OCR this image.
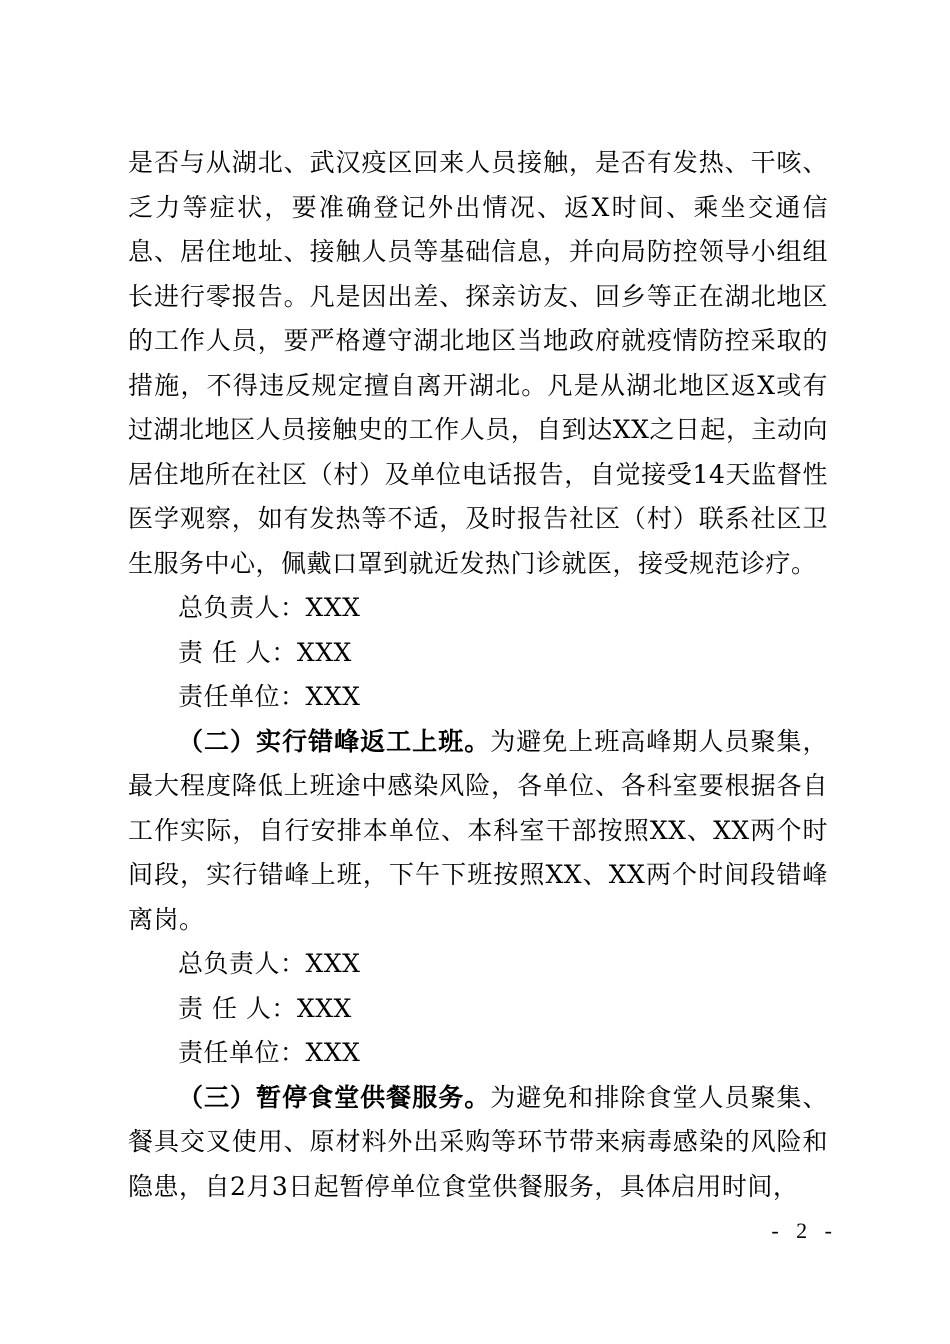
是否与从湖北、武汉疫区回来人员接触，是否有发热、干咳、乏力等症状，要准确登记外出情况、返X时间、乘坐交通信息、居住地址、接触人员等基础信息，并向局防控领导小组组长进行零报告。凡是因出差、探亲访友、回乡等正在湖北地区的工作人员，要严格遵守湖北地区当地政府就疫情防控采取的措施，不得违反规定擅自离开湖北。凡是从湖北地区返X或有过湖北地区人员接触史的工作人员，自到达XX之日起，主动向居住地所在社区（村）及单位电话报告，自觉接受14天监督性医学观察，如有发热等不适，及时报告社区（村）联系社区卫生服务中心，佩戴口罩到就近发热门诊就医，接受规范诊疗。

总负责人：XXX

责 任 人：XXX

责任单位：XXX

（二）实行错峰返工上班。为避免上班高峰期人员聚集，最大程度降低上班途中感染风险，各单位、各科室要根据各自工作实际，自行安排本单位、本科室干部按照XX、XX两个时间段，实行错峰上班，下午下班按照XX、XX两个时间段错峰离岗。

总负责人：XXX

责 任 人：XXX

责任单位：XXX

（三）暂停食堂供餐服务。为避免和排除食堂人员聚集、餐具交叉使用、原材料外出采购等环节带来病毒感染的风险和隐患，自2月3日起暂停单位食堂供餐服务，具体启用时间，

- 2 -
